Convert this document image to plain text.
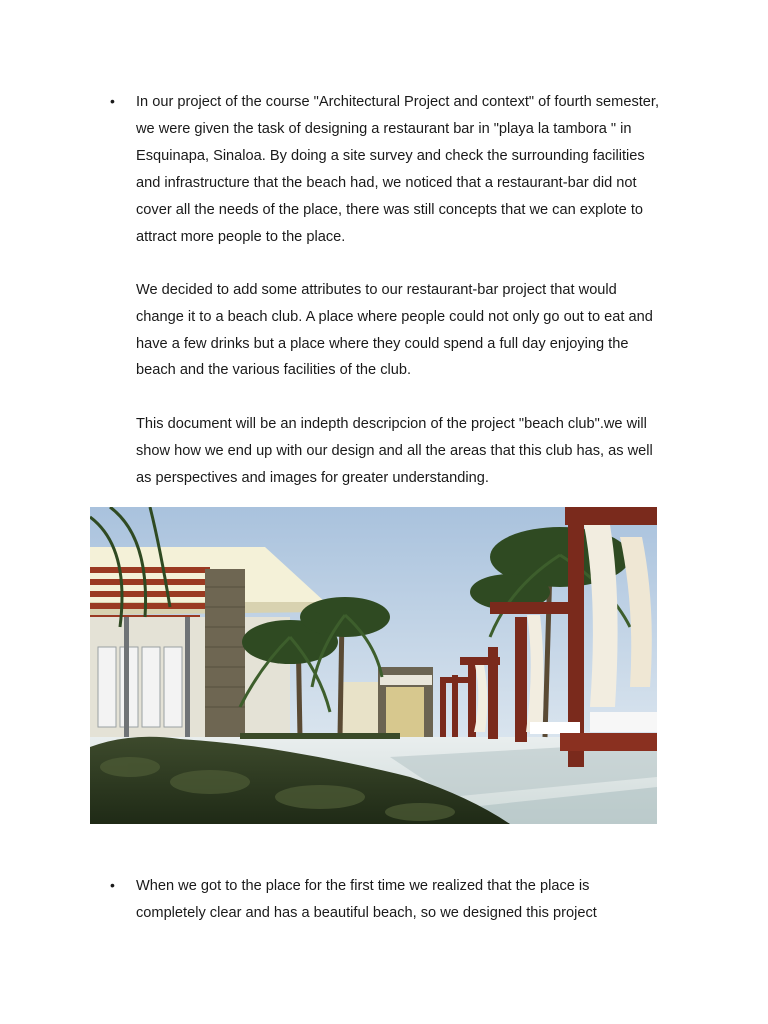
• In our project of the course "Architectural Project and context" of fourth semester,
we were given the task of designing a restaurant bar in "playa la tambora " in
Esquinapa, Sinaloa. By doing a site survey and check the surrounding facilities
and infrastructure that the beach had, we noticed that a restaurant-bar did not
cover all the needs of the place, there was still concepts that we can explote to
attract more people to the place.
We decided to add some attributes to our restaurant-bar project that would
change it to a beach club. A place where people could not only go out to eat and
have a few drinks but a place where they could spend a full day enjoying the
beach and the various facilities of the club.
This document will be an indepth descripcion of the project "beach club".we will
show how we end up with our design and all the areas that this club has, as well
as perspectives and images for greater understanding.
• When we got to the place for the first time we realized that the place is
completely clear and has a beautiful beach, so we designed this project
